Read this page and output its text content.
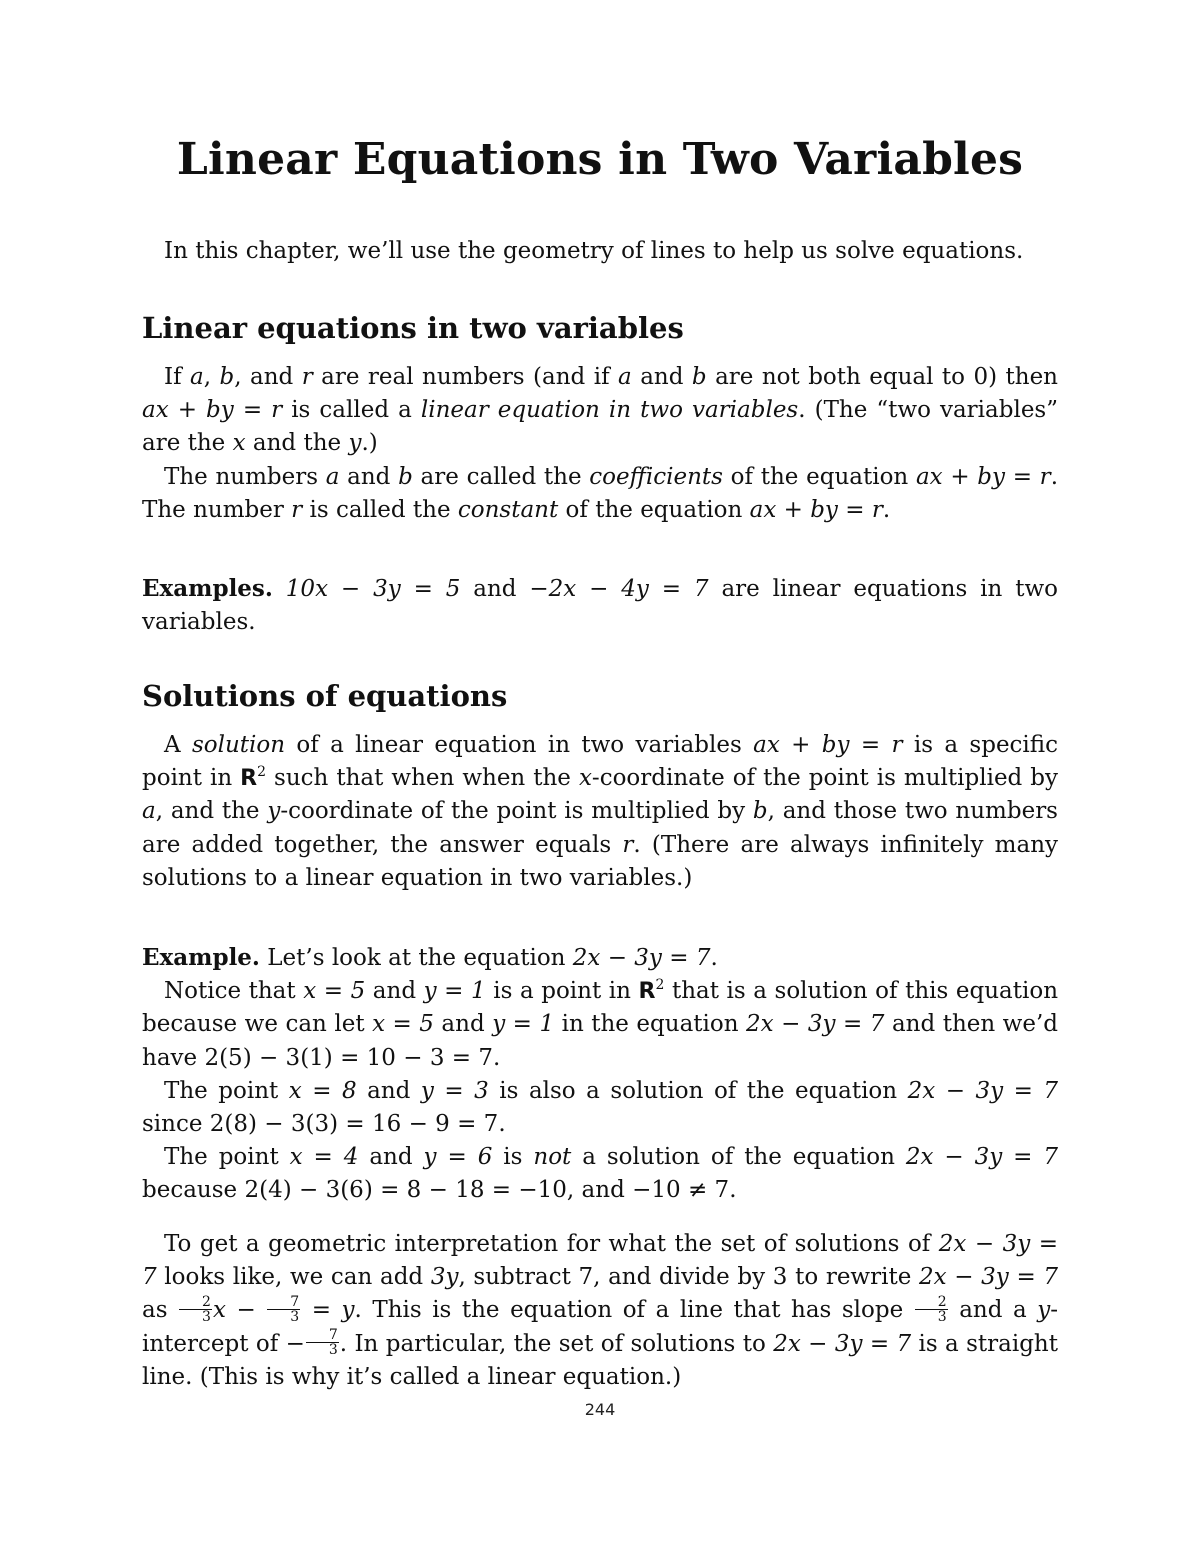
Linear Equations in Two Variables

In this chapter, we’ll use the geometry of lines to help us solve equations.

Linear equations in two variables

If a, b, and r are real numbers (and if a and b are not both equal to 0) then ax + by = r is called a linear equation in two variables. (The “two variables” are the x and the y.)

The numbers a and b are called the coefficients of the equation ax + by = r. The number r is called the constant of the equation ax + by = r.

Examples. 10x − 3y = 5 and −2x − 4y = 7 are linear equations in two variables.

Solutions of equations

A solution of a linear equation in two variables ax + by = r is a specific point in $R^2$ such that when when the x-coordinate of the point is multiplied by a, and the y-coordinate of the point is multiplied by b, and those two numbers are added together, the answer equals r. (There are always infinitely many solutions to a linear equation in two variables.)

Example. Let’s look at the equation 2x − 3y = 7.

Notice that x = 5 and y = 1 is a point in $R^2$ that is a solution of this equation because we can let x = 5 and y = 1 in the equation 2x − 3y = 7 and then we’d have 2(5) − 3(1) = 10 − 3 = 7.

The point x = 8 and y = 3 is also a solution of the equation 2x − 3y = 7 since 2(8) − 3(3) = 16 − 9 = 7.

The point x = 4 and y = 6 is not a solution of the equation 2x − 3y = 7 because 2(4) − 3(6) = 8 − 18 = −10, and −10 ≠ 7.

To get a geometric interpretation for what the set of solutions of 2x − 3y = 7 looks like, we can add 3y, subtract 7, and divide by 3 to rewrite 2x − 3y = 7 as $\frac{2}{3}$ $x - \frac{7}{3} = y$. This is the equation of a line that has slope $\frac{2}{3}$ and a y-intercept of − $\frac{7}{3}$ . In particular, the set of solutions to 2x − 3y = 7 is a straight line. (This is why it’s called a linear equation.)

244
